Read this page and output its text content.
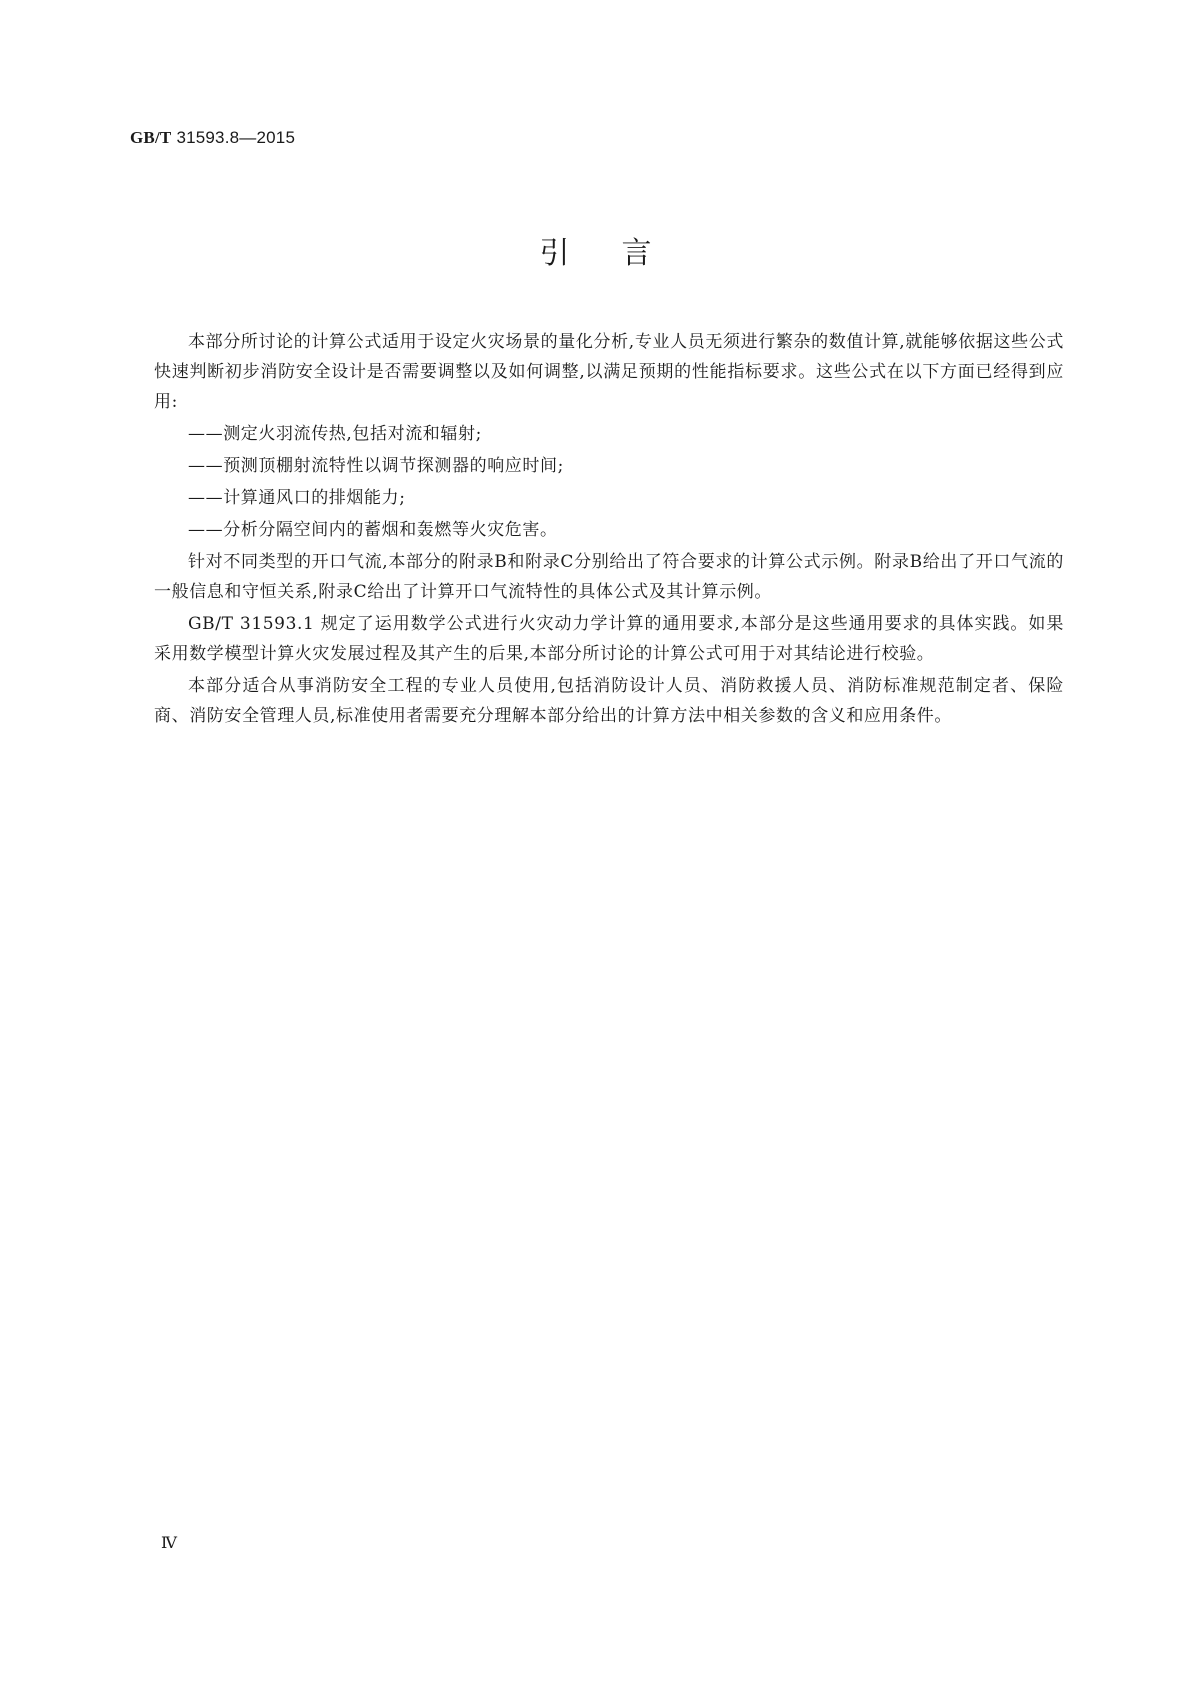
GB/T 31593.8—2015
引言

本部分所讨论的计算公式适用于设定火灾场景的量化分析,专业人员无须进行繁杂的数值计算,就能够依据这些公式快速判断初步消防安全设计是否需要调整以及如何调整,以满足预期的性能指标要求。这些公式在以下方面已经得到应用:

——测定火羽流传热,包括对流和辐射;

——预测顶棚射流特性以调节探测器的响应时间;

——计算通风口的排烟能力;

——分析分隔空间内的蓄烟和轰燃等火灾危害。

针对不同类型的开口气流,本部分的附录B和附录C分别给出了符合要求的计算公式示例。附录B给出了开口气流的一般信息和守恒关系,附录C给出了计算开口气流特性的具体公式及其计算示例。

GB/T 31593.1 规定了运用数学公式进行火灾动力学计算的通用要求,本部分是这些通用要求的具体实践。如果采用数学模型计算火灾发展过程及其产生的后果,本部分所讨论的计算公式可用于对其结论进行校验。

本部分适合从事消防安全工程的专业人员使用,包括消防设计人员、消防救援人员、消防标准规范制定者、保险商、消防安全管理人员,标准使用者需要充分理解本部分给出的计算方法中相关参数的含义和应用条件。

Ⅳ
